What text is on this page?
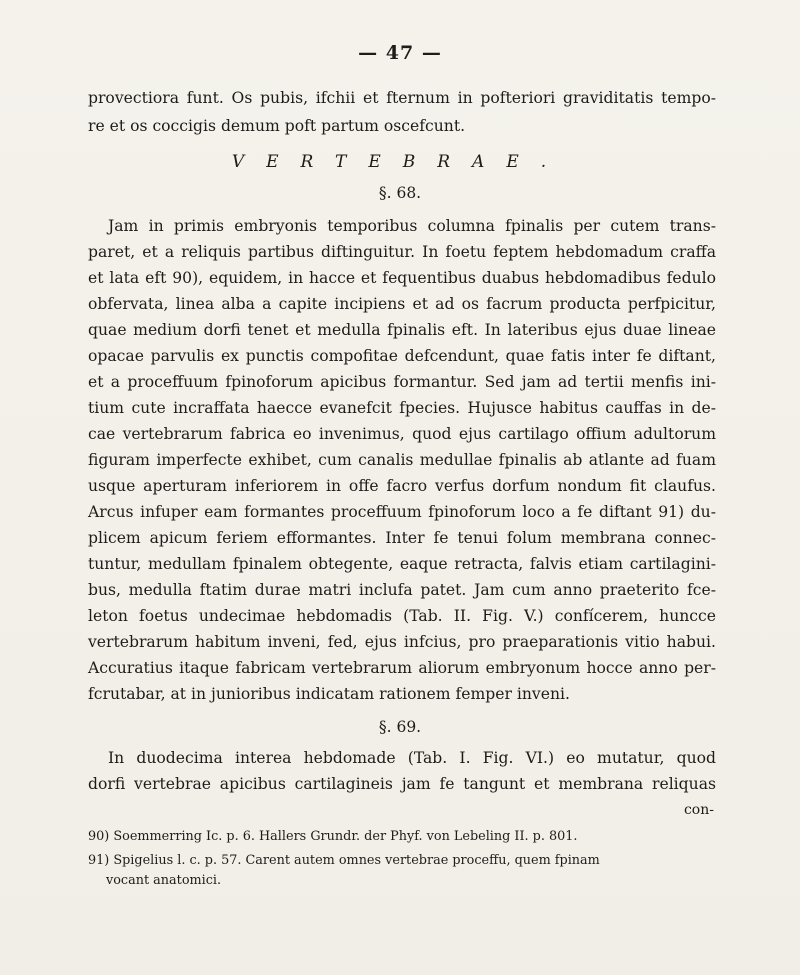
— 47 —
provectiora funt. Os pubis, ifchii et fternum in pofteriori graviditatis tempo-
re et os coccigis demum poft partum oscefcunt.
VERTEBRAE.
§. 68.
Jam in primis embryonis temporibus columna fpinalis per cutem trans-
paret, et a reliquis partibus diftinguitur. In foetu feptem hebdomadum craffa
et lata eft 90), equidem, in hacce et fequentibus duabus hebdomadibus fedulo
obfervata, linea alba a capite incipiens et ad os facrum producta perfpicitur,
quae medium dorfi tenet et medulla fpinalis eft. In lateribus ejus duae lineae
opacae parvulis ex punctis compofitae defcendunt, quae fatis inter fe diftant,
et a proceffuum fpinoforum apicibus formantur. Sed jam ad tertii menfis ini-
tium cute incraffata haecce evanefcit fpecies. Hujusce habitus cauffas in de-
cae vertebrarum fabrica eo invenimus, quod ejus cartilago offium adultorum
figuram imperfecte exhibet, cum canalis medullae fpinalis ab atlante ad fuam
usque aperturam inferiorem in offe facro verfus dorfum nondum fit claufus.
Arcus infuper eam formantes proceffuum fpinoforum loco a fe diftant 91) du-
plicem apicum feriem efformantes. Inter fe tenui folum membrana connec-
tuntur, medullam fpinalem obtegente, eaque retracta, falvis etiam cartilagini-
bus, medulla ftatim durae matri inclufa patet. Jam cum anno praeterito fce-
leton foetus undecimae hebdomadis (Tab. II. Fig. V.) confícerem, huncce
vertebrarum habitum inveni, fed, ejus infcius, pro praeparationis vitio habui.
Accuratius itaque fabricam vertebrarum aliorum embryonum hocce anno per-
fcrutabar, at in junioribus indicatam rationem femper inveni.
§. 69.
In duodecima interea hebdomade (Tab. I. Fig. VI.) eo mutatur, quod
dorfi vertebrae apicibus cartilagineis jam fe tangunt et membrana reliquas
con-
90) Soemmerring Ic. p. 6. Hallers Grundr. der Phyf. von Lebeling II. p. 801.
91) Spigelius l. c. p. 57. Carent autem omnes vertebrae proceffu, quem fpinam
vocant anatomici.
